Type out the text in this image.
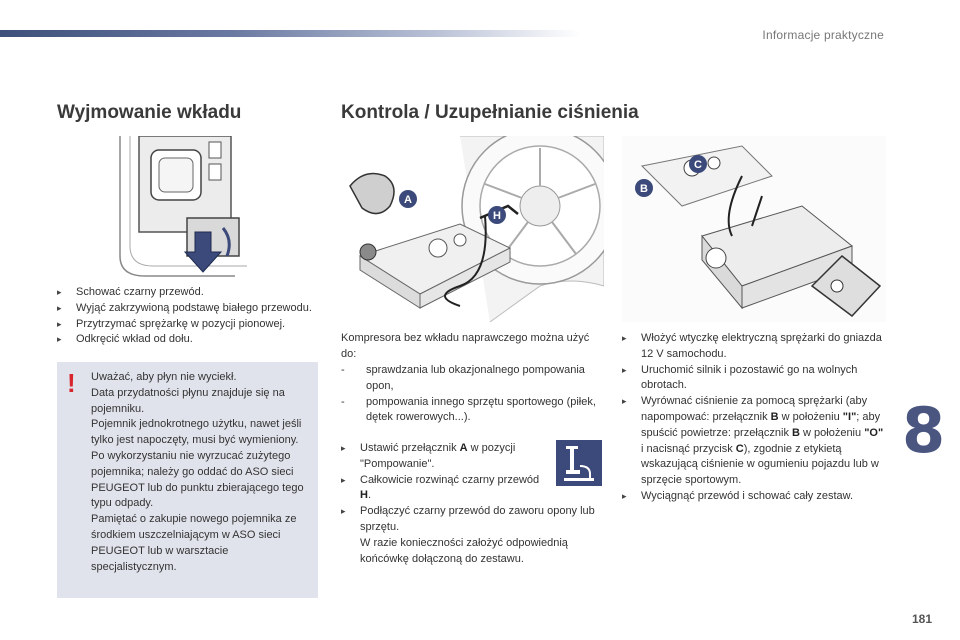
Informacje praktyczne
Wyjmowanie wkładu
▸ Schować czarny przewód.
▸ Wyjąć zakrzywioną podstawę białego przewodu.
▸ Przytrzymać sprężarkę w pozycji pionowej.
▸ Odkręcić wkład od dołu.
! Uważać, aby płyn nie wyciekł.
Data przydatności płynu znajduje się na pojemniku.
Pojemnik jednokrotnego użytku, nawet jeśli tylko jest napoczęty, musi być wymieniony.
Po wykorzystaniu nie wyrzucać zużytego pojemnika; należy go oddać do ASO sieci PEUGEOT lub do punktu zbierającego tego typu odpady.
Pamiętać o zakupie nowego pojemnika ze środkiem uszczelniającym w ASO sieci PEUGEOT lub w warsztacie specjalistycznym.
Kontrola / Uzupełnianie ciśnienia
A
H
B
C
Kompresora bez wkładu naprawczego można użyć do:
- sprawdzania lub okazjonalnego pompowania opon,
- pompowania innego sprzętu sportowego (piłek, dętek rowerowych...).
▸ Ustawić przełącznik A w pozycji "Pompowanie".
▸ Całkowicie rozwinąć czarny przewód H.
▸ Podłączyć czarny przewód do zaworu opony lub sprzętu.
W razie konieczności założyć odpowiednią końcówkę dołączoną do zestawu.
▸ Włożyć wtyczkę elektryczną sprężarki do gniazda 12 V samochodu.
▸ Uruchomić silnik i pozostawić go na wolnych obrotach.
▸ Wyrównać ciśnienie za pomocą sprężarki (aby napompować: przełącznik B w położeniu "I"; aby spuścić powietrze: przełącznik B w położeniu "O" i nacisnąć przycisk C), zgodnie z etykietą wskazującą ciśnienie w ogumieniu pojazdu lub w sprzęcie sportowym.
▸ Wyciągnąć przewód i schować cały zestaw.
8
181
